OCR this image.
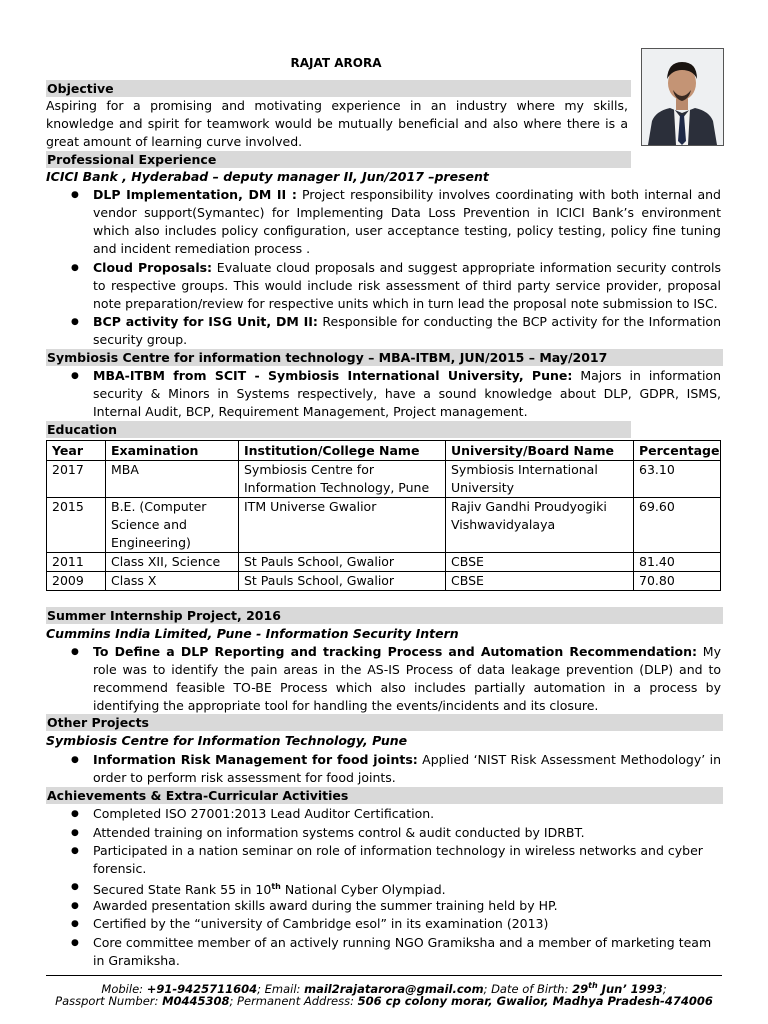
RAJAT ARORA
Objective
Aspiring for a promising and motivating experience in an industry where my skills, knowledge and spirit for teamwork would be mutually beneficial and also where there is a great amount of learning curve involved.
Professional Experience
ICICI Bank , Hyderabad – deputy manager II, Jun/2017 –present
● DLP Implementation, DM II : Project responsibility involves coordinating with both internal and vendor support(Symantec) for Implementing Data Loss Prevention in ICICI Bank’s environment which also includes policy configuration, user acceptance testing, policy testing, policy fine tuning and incident remediation process .
● Cloud Proposals: Evaluate cloud proposals and suggest appropriate information security controls to respective groups. This would include risk assessment of third party service provider, proposal note preparation/review for respective units which in turn lead the proposal note submission to ISC.
● BCP activity for ISG Unit, DM II: Responsible for conducting the BCP activity for the Information security group.
Symbiosis Centre for information technology – MBA-ITBM, JUN/2015 – May/2017
● MBA-ITBM from SCIT - Symbiosis International University, Pune: Majors in information security & Minors in Systems respectively, have a sound knowledge about DLP, GDPR, ISMS, Internal Audit, BCP, Requirement Management, Project management.
Education
Year	Examination	Institution/College Name	University/Board Name	Percentage
2017	MBA	Symbiosis Centre for Information Technology, Pune	Symbiosis International University	63.10
2015	B.E. (Computer Science and Engineering)	ITM Universe Gwalior	Rajiv Gandhi Proudyogiki Vishwavidyalaya	69.60
2011	Class XII, Science	St Pauls School, Gwalior	CBSE	81.40
2009	Class X	St Pauls School, Gwalior	CBSE	70.80
Summer Internship Project, 2016
Cummins India Limited, Pune - Information Security Intern
● To Define a DLP Reporting and tracking Process and Automation Recommendation: My role was to identify the pain areas in the AS-IS Process of data leakage prevention (DLP) and to recommend feasible TO-BE Process which also includes partially automation in a process by identifying the appropriate tool for handling the events/incidents and its closure.
Other Projects
Symbiosis Centre for Information Technology, Pune
● Information Risk Management for food joints: Applied ‘NIST Risk Assessment Methodology’ in order to perform risk assessment for food joints.
Achievements & Extra-Curricular Activities
● Completed ISO 27001:2013 Lead Auditor Certification.
● Attended training on information systems control & audit conducted by IDRBT.
● Participated in a nation seminar on role of information technology in wireless networks and cyber forensic.
● Secured State Rank 55 in 10th National Cyber Olympiad.
● Awarded presentation skills award during the summer training held by HP.
● Certified by the “university of Cambridge esol” in its examination (2013)
● Core committee member of an actively running NGO Gramiksha and a member of marketing team in Gramiksha.
Mobile: +91-9425711604; Email: mail2rajatarora@gmail.com; Date of Birth: 29th Jun’ 1993;
Passport Number: M0445308; Permanent Address: 506 cp colony morar, Gwalior, Madhya Pradesh-474006
